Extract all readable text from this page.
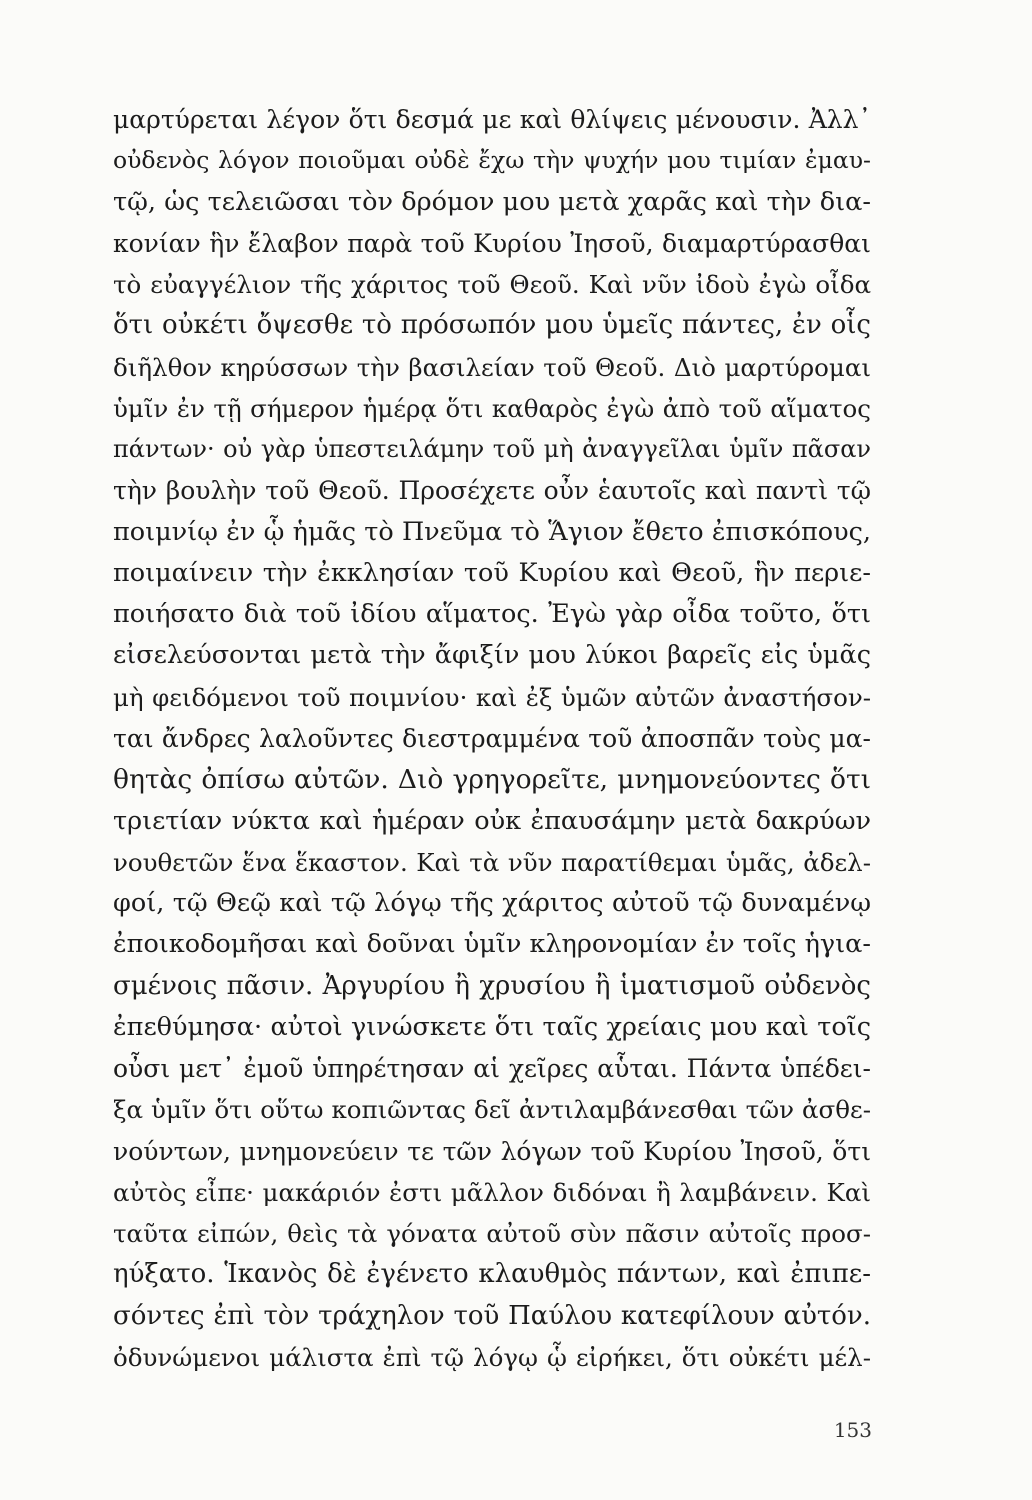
μαρτύρεται λέγον ὅτι δεσμά με καὶ θλίψεις μένουσιν. Ἀλλ᾿
οὐδενὸς λόγον ποιοῦμαι οὐδὲ ἔχω τὴν ψυχήν μου τιμίαν ἐμαυ-
τῷ, ὡς τελειῶσαι τὸν δρόμον μου μετὰ χαρᾶς καὶ τὴν δια-
κονίαν ἣν ἔλαβον παρὰ τοῦ Κυρίου Ἰησοῦ, διαμαρτύρασθαι
τὸ εὐαγγέλιον τῆς χάριτος τοῦ Θεοῦ. Καὶ νῦν ἰδοὺ ἐγὼ οἶδα
ὅτι οὐκέτι ὄψεσθε τὸ πρόσωπόν μου ὑμεῖς πάντες, ἐν οἷς
διῆλθον κηρύσσων τὴν βασιλείαν τοῦ Θεοῦ. Διὸ μαρτύρομαι
ὑμῖν ἐν τῇ σήμερον ἡμέρᾳ ὅτι καθαρὸς ἐγὼ ἀπὸ τοῦ αἵματος
πάντων· οὐ γὰρ ὑπεστειλάμην τοῦ μὴ ἀναγγεῖλαι ὑμῖν πᾶσαν
τὴν βουλὴν τοῦ Θεοῦ. Προσέχετε οὖν ἑαυτοῖς καὶ παντὶ τῷ
ποιμνίῳ ἐν ᾧ ἡμᾶς τὸ Πνεῦμα τὸ Ἅγιον ἔθετο ἐπισκόπους,
ποιμαίνειν τὴν ἐκκλησίαν τοῦ Κυρίου καὶ Θεοῦ, ἣν περιε-
ποιήσατο διὰ τοῦ ἰδίου αἵματος. Ἐγὼ γὰρ οἶδα τοῦτο, ὅτι
εἰσελεύσονται μετὰ τὴν ἄφιξίν μου λύκοι βαρεῖς εἰς ὑμᾶς
μὴ φειδόμενοι τοῦ ποιμνίου· καὶ ἐξ ὑμῶν αὐτῶν ἀναστήσον-
ται ἄνδρες λαλοῦντες διεστραμμένα τοῦ ἀποσπᾶν τοὺς μα-
θητὰς ὀπίσω αὐτῶν. Διὸ γρηγορεῖτε, μνημονεύοντες ὅτι
τριετίαν νύκτα καὶ ἡμέραν οὐκ ἐπαυσάμην μετὰ δακρύων
νουθετῶν ἕνα ἕκαστον. Καὶ τὰ νῦν παρατίθεμαι ὑμᾶς, ἀδελ-
φοί, τῷ Θεῷ καὶ τῷ λόγῳ τῆς χάριτος αὐτοῦ τῷ δυναμένῳ
ἐποικοδομῆσαι καὶ δοῦναι ὑμῖν κληρονομίαν ἐν τοῖς ἡγια-
σμένοις πᾶσιν. Ἀργυρίου ἢ χρυσίου ἢ ἱματισμοῦ οὐδενὸς
ἐπεθύμησα· αὐτοὶ γινώσκετε ὅτι ταῖς χρείαις μου καὶ τοῖς
οὖσι μετ᾿ ἐμοῦ ὑπηρέτησαν αἱ χεῖρες αὗται. Πάντα ὑπέδει-
ξα ὑμῖν ὅτι οὕτω κοπιῶντας δεῖ ἀντιλαμβάνεσθαι τῶν ἀσθε-
νούντων, μνημονεύειν τε τῶν λόγων τοῦ Κυρίου Ἰησοῦ, ὅτι
αὐτὸς εἶπε· μακάριόν ἐστι μᾶλλον διδόναι ἢ λαμβάνειν. Καὶ
ταῦτα εἰπών, θεὶς τὰ γόνατα αὐτοῦ σὺν πᾶσιν αὐτοῖς προσ-
ηύξατο. Ἱκανὸς δὲ ἐγένετο κλαυθμὸς πάντων, καὶ ἐπιπε-
σόντες ἐπὶ τὸν τράχηλον τοῦ Παύλου κατεφίλουν αὐτόν.
ὀδυνώμενοι μάλιστα ἐπὶ τῷ λόγῳ ᾧ εἰρήκει, ὅτι οὐκέτι μέλ-
153
